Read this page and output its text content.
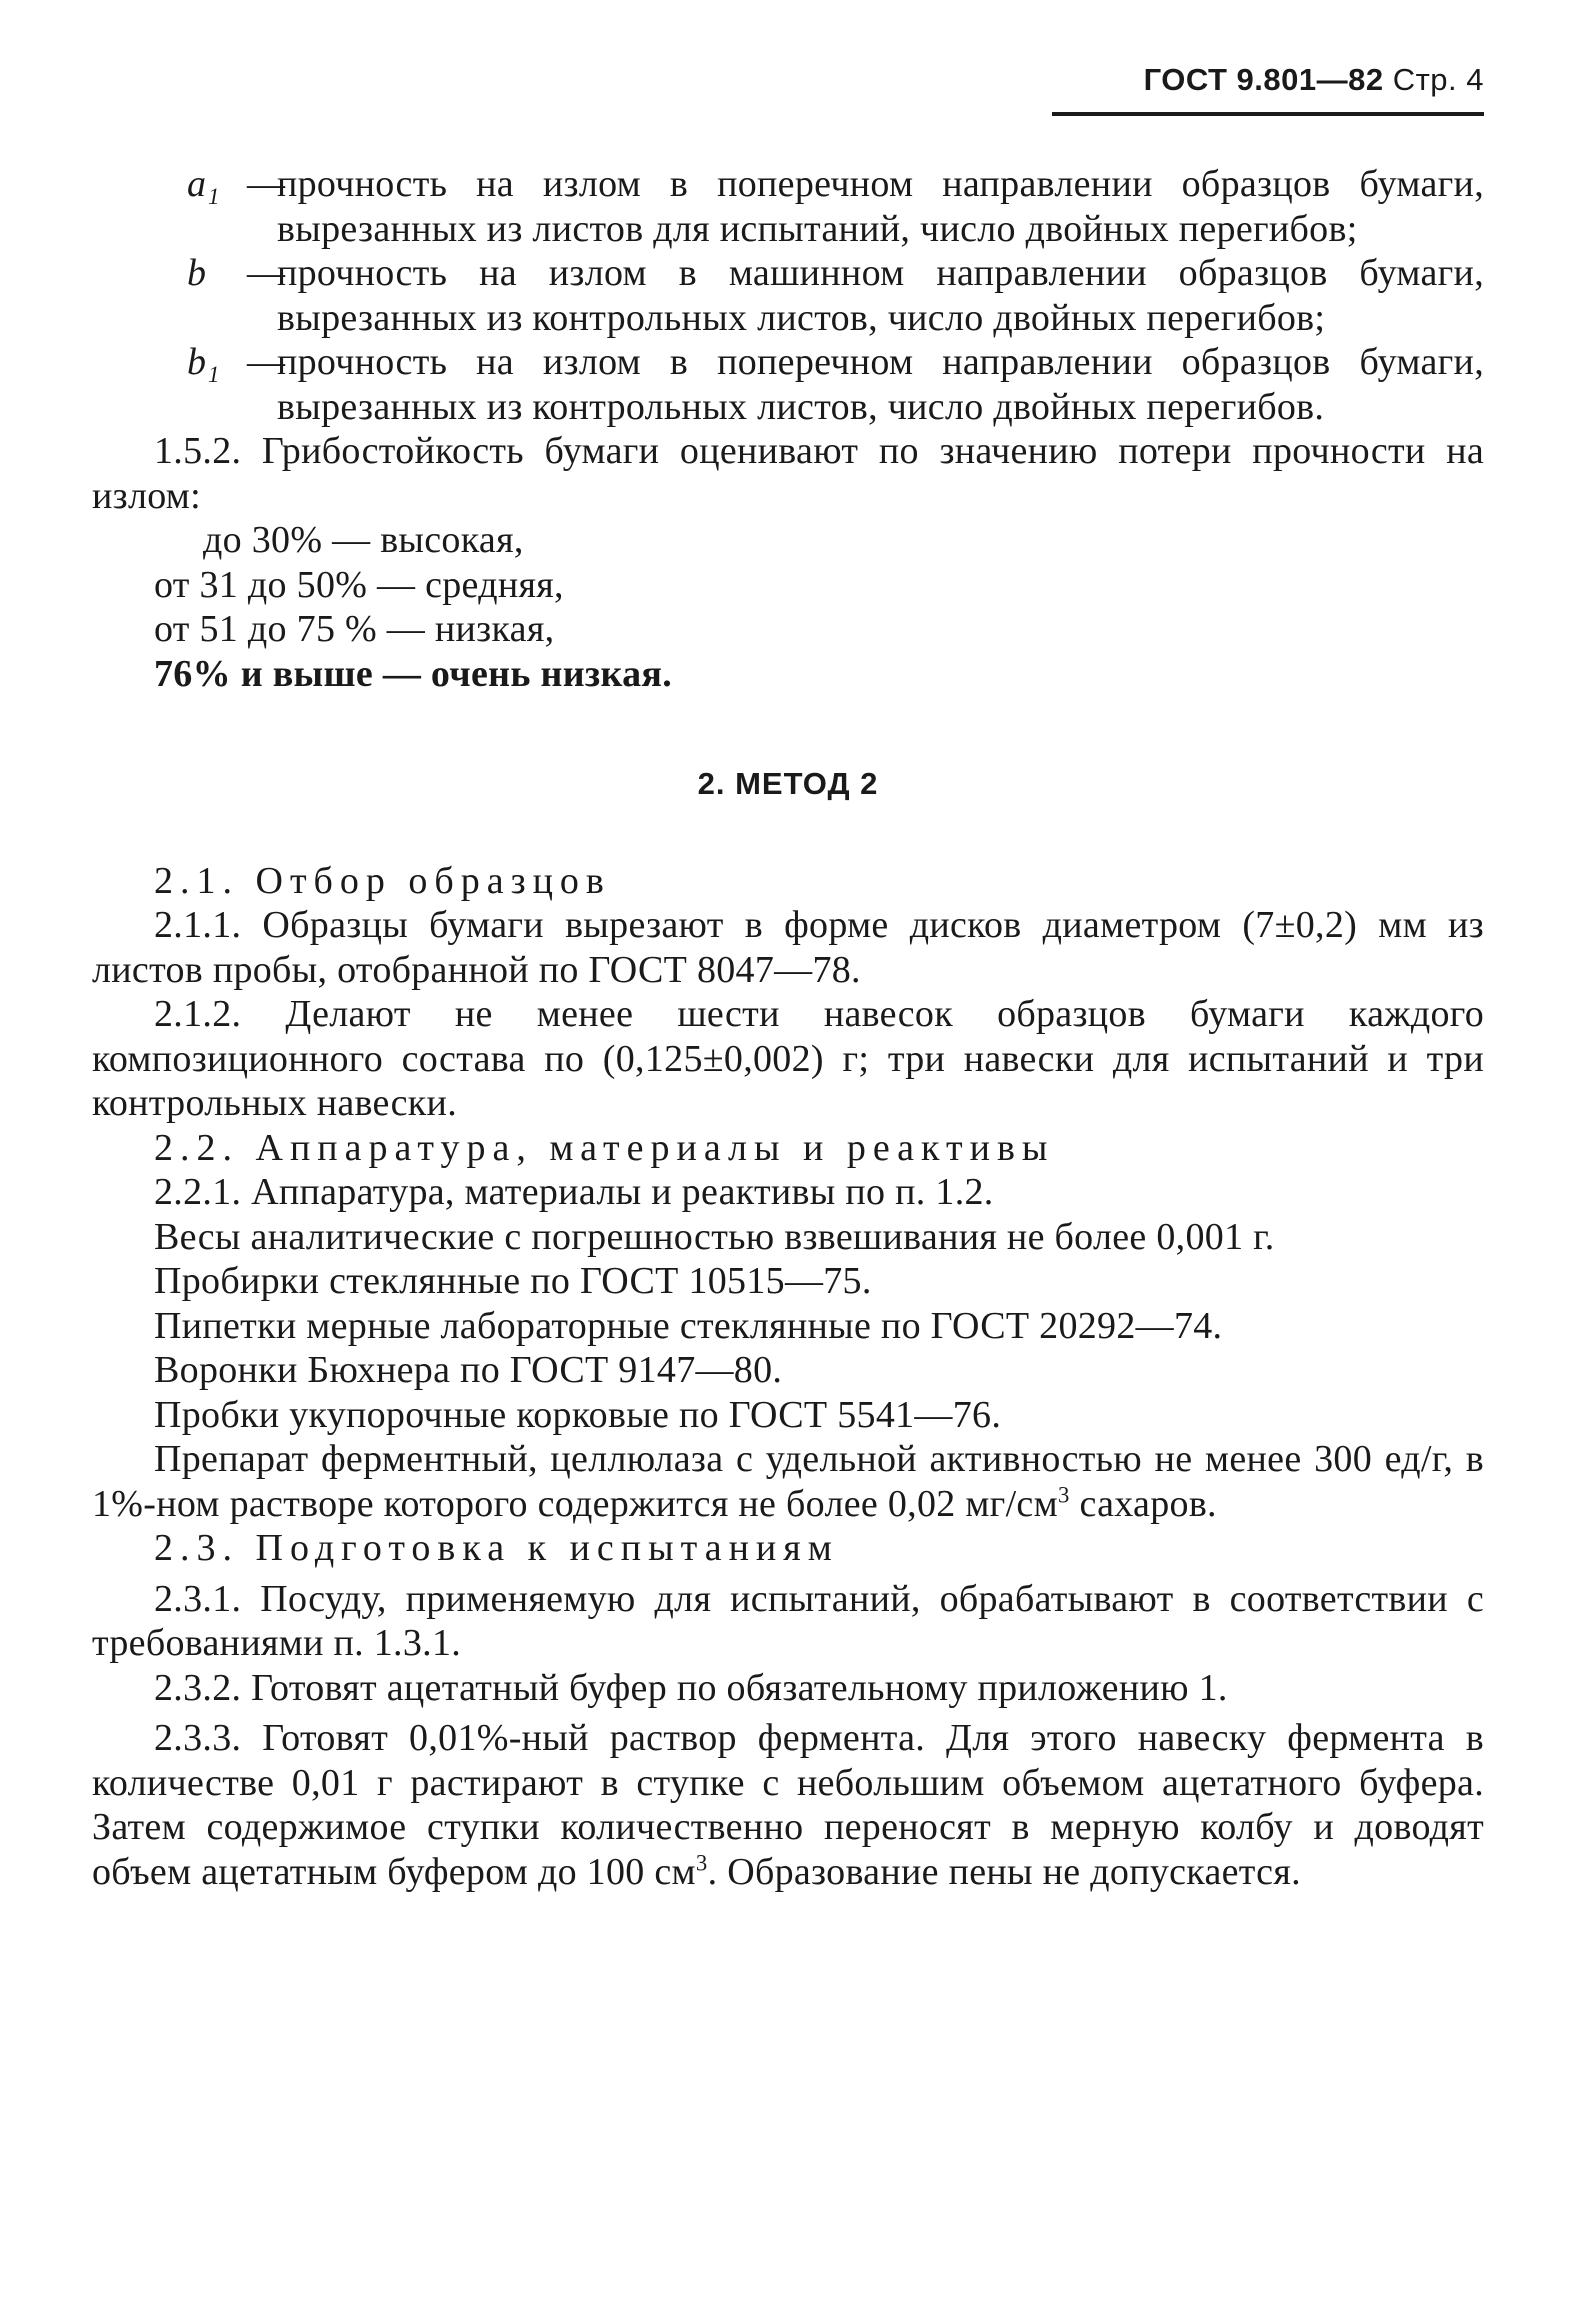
ГОСТ 9.801—82 Стр. 4
a₁ —
прочность на излом в поперечном направлении образцов бумаги, вырезанных из листов для испытаний, число двойных перегибов;
b	—
прочность на излом в машинном направлении образцов бумаги, вырезанных из контрольных листов, число двойных перегибов;
b₁ —
прочность на излом в поперечном направлении образцов бумаги, вырезанных из контрольных листов, число двойных перегибов.
1.5.2. Грибостойкость бумаги оценивают по значению потери прочности на излом:
до 30% — высокая,
от 31 до 50% — средняя,
от 51 до 75 % — низкая,
76% и выше — очень низкая.
2. МЕТОД 2
2.1. Отбор образцов
2.1.1. Образцы бумаги вырезают в форме дисков диаметром (7±0,2) мм из листов пробы, отобранной по ГОСТ 8047—78.
2.1.2. Делают не менее шести навесок образцов бумаги каждого композиционного состава по (0,125±0,002) г; три навески для испытаний и три контрольных навески.
2.2. Аппаратура, материалы и реактивы
2.2.1. Аппаратура, материалы и реактивы по п. 1.2.
Весы аналитические с погрешностью взвешивания не более 0,001 г.
Пробирки стеклянные по ГОСТ 10515—75.
Пипетки мерные лабораторные стеклянные по ГОСТ 20292—74.
Воронки Бюхнера по ГОСТ 9147—80.
Пробки укупорочные корковые по ГОСТ 5541—76.
Препарат ферментный, целлюлаза с удельной активностью не менее 300 ед/г, в 1%-ном растворе которого содержится не более 0,02 $мг/см^3$ сахаров.
2.3. Подготовка к испытаниям
2.3.1. Посуду, применяемую для испытаний, обрабатывают в соответствии с требованиями п. 1.3.1.
2.3.2. Готовят ацетатный буфер по обязательному приложению 1.
2.3.3. Готовят 0,01%-ный раствор фермента. Для этого навеску фермента в количестве 0,01 г растирают в ступке с небольшим объемом ацетатного буфера. Затем содержимое ступки количественно переносят в мерную колбу и доводят объем ацетатным буфером до 100 $см^3$. Образование пены не допускается.
